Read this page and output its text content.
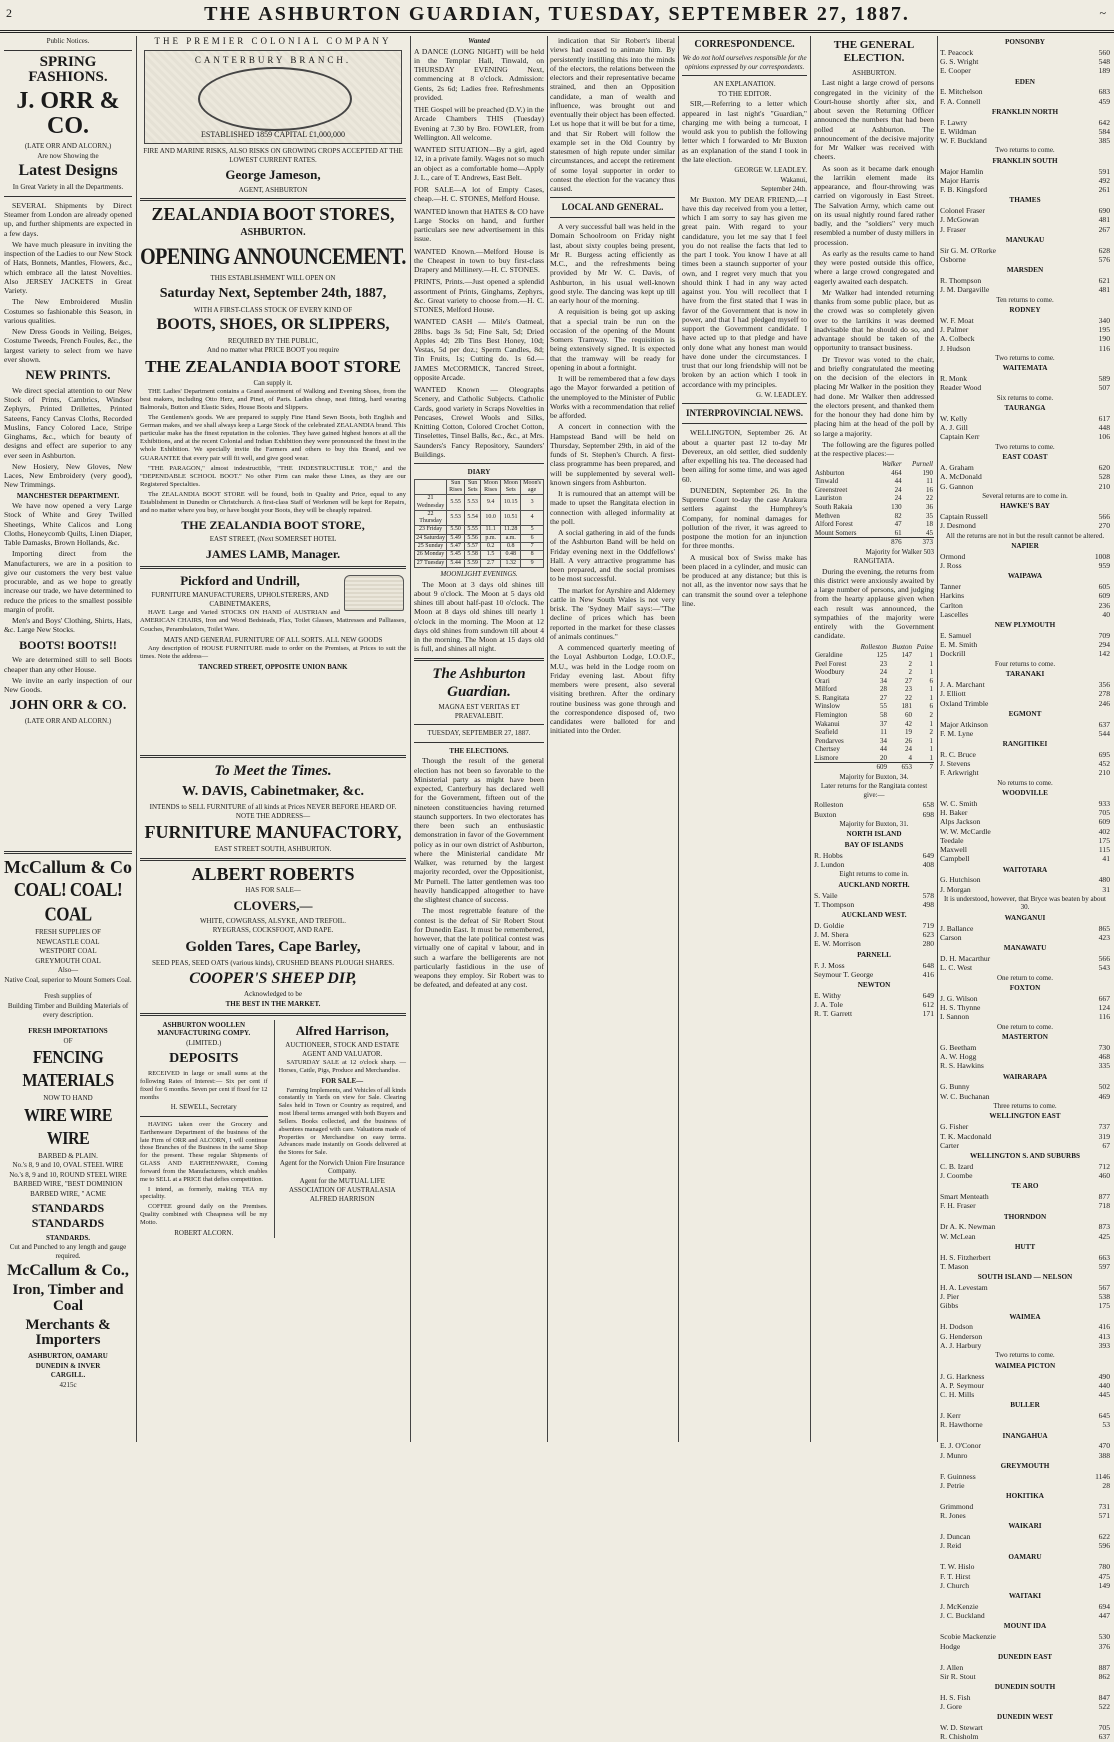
2	THE ASHBURTON GUARDIAN, TUESDAY, SEPTEMBER 27, 1887.	~
Public Notices.
SPRING FASHIONS.
J. ORR & CO.
(LATE ORR AND ALCORN,)
Are now Showing the
Latest Designs
In Great Variety in all the Departments.

SEVERAL Shipments by Direct Steamer from London are already opened up, and further shipments are expected in a few days.

We have much pleasure in inviting the inspection of the Ladies to our New Stock of Hats, Bonnets, Mantles, Flowers, &c., which embrace all the latest Novelties. Also JERSEY JACKETS in Great Variety.

The New Embroidered Muslin Costumes so fashionable this Season, in various qualities.

New Dress Goods in Veiling, Beiges, Costume Tweeds, French Foules, &c., the largest variety to select from we have ever shown.

NEW PRINTS.

We direct special attention to our New Stock of Prints, Cambrics, Windsor Zephyrs, Printed Drillettes, Printed Sateens, Fancy Canvas Cloths, Recorded Muslins, Fancy Colored Lace, Stripe Ginghams, &c., which for beauty of designs and effect are superior to any ever seen in Ashburton.

New Hosiery, New Gloves, New Laces, New Embroidery (very good), New Trimmings.

MANCHESTER DEPARTMENT.

We have now opened a very Large Stock of White and Grey Twilled Sheetings, White Calicos and Long Cloths, Honeycomb Quilts, Linen Diaper, Table Damasks, Brown Hollands, &c.

Importing direct from the Manufacturers, we are in a position to give our customers the very best value procurable, and as we hope to greatly increase our trade, we have determined to reduce the prices to the smallest possible margin of profit.

Men's and Boys' Clothing, Shirts, Hats, &c. Large New Stocks.

BOOTS! BOOTS!!

We are determined still to sell Boots cheaper than any other House.

We invite an early inspection of our New Goods.

JOHN ORR & CO.
(LATE ORR AND ALCORN.)
McCallum & Co
COAL! COAL! COAL
FRESH SUPPLIES OF
NEWCASTLE COAL
WESTPORT COAL
GREYMOUTH COAL
Also—
Native Coal, superior to Mount Somers Coal.
Fresh supplies of
Building Timber and Building Materials of every description.
FRESH IMPORTATIONS
OF
FENCING MATERIALS
NOW TO HAND
WIRE WIRE WIRE
BARBED & PLAIN.
No.'s 8, 9 and 10, OVAL STEEL WIRE
No.'s 8, 9 and 10, ROUND STEEL WIRE
BARBED WIRE, "BEST DOMINION
BARBED WIRE, " ACME
STANDARDS STANDARDS
STANDARDS.
Cut and Punched to any length and gauge required.
McCallum & Co.,
Iron, Timber and Coal
Merchants & Importers
ASHBURTON, OAMARU
DUNEDIN & INVER
CARGILL.
4215c
THE PREMIER COLONIAL COMPANY
CANTERBURY BRANCH.
ESTABLISHED 1859 CAPITAL £1,000,000
FIRE AND MARINE RISKS, ALSO RISKS ON GROWING CROPS ACCEPTED AT THE LOWEST CURRENT RATES.
George Jameson,
AGENT, ASHBURTON
ZEALANDIA BOOT STORES,
ASHBURTON.
OPENING ANNOUNCEMENT.
THIS ESTABLISHMENT WILL OPEN ON
Saturday Next, September 24th, 1887,
WITH A FIRST-CLASS STOCK OF EVERY KIND OF
BOOTS, SHOES, OR SLIPPERS,
REQUIRED BY THE PUBLIC,
And no matter what PRICE BOOT you require
THE ZEALANDIA BOOT STORE
Can supply it.

THE Ladies' Department contains a Grand assortment of Walking and Evening Shoes, from the best makers, including Otto Herz, and Pinet, of Paris. Ladies cheap, neat fitting, hard wearing Balmorals, Button and Elastic Sides, House Boots and Slippers.

The Gentlemen's goods. We are prepared to supply Fine Hand Sewn Boots, both English and German makes, and we shall always keep a Large Stock of the celebrated ZEALANDIA brand. This particular make has the finest reputation in the colonies. They have gained highest honors at all the Exhibitions, and at the recent Colonial and Indian Exhibition they were pronounced the finest in the whole Exhibition. We specially invite the Farmers and others to buy this Brand, and we GUARANTEE that every pair will fit well, and give good wear.

"THE PARAGON," almost indestructible, "THE INDESTRUCTIBLE TOE," and the "DEPENDABLE SCHOOL BOOT." No other Firm can make these Lines, as they are our Registered Specialties.

The ZEALANDIA BOOT STORE will be found, both in Quality and Price, equal to any Establishment in Dunedin or Christchurch. A first-class Staff of Workmen will be kept for Repairs, and no matter where you buy, or have bought your Boots, they will be cheaply repaired.

THE ZEALANDIA BOOT STORE,
EAST STREET, (Next SOMERSET HOTEL
JAMES LAMB, Manager.
Pickford and Undrill,
FURNITURE MANUFACTURERS, UPHOLSTERERS, AND CABINETMAKERS,

HAVE Large and Varied STOCKS ON HAND of AUSTRIAN and AMERICAN CHAIRS, Iron and Wood Bedsteads, Flax, Toilet Glasses, Mattresses and Palliasses, Couches, Perambulators, Toilet Ware.

MATS AND GENERAL FURNITURE OF ALL SORTS. ALL NEW GOODS

Any description of HOUSE FURNITURE made to order on the Premises, at Prices to suit the times. Note the address—

TANCRED STREET, OPPOSITE UNION BANK
To Meet the Times.
W. DAVIS, Cabinetmaker, &c.
INTENDS to SELL FURNITURE of all kinds at Prices NEVER BEFORE HEARD OF. NOTE THE ADDRESS—
FURNITURE MANUFACTORY,
EAST STREET SOUTH, ASHBURTON.
ALBERT ROBERTS
HAS FOR SALE—
CLOVERS,—
WHITE, COWGRASS, ALSYKE, AND TREFOIL.
RYEGRASS, COCKSFOOT, AND RAPE.
Golden Tares, Cape Barley,
SEED PEAS, SEED OATS (various kinds), CRUSHED BEANS PLOUGH SHARES.
COOPER'S SHEEP DIP,
Acknowledged to be
THE BEST IN THE MARKET.
ASHBURTON WOOLLEN MANUFACTURING COMPY.
(LIMITED.)
DEPOSITS

RECEIVED in large or small sums at the following Rates of Interest:— Six per cent if fixed for 6 months. Seven per cent if fixed for 12 months

H. SEWELL, Secretary

HAVING taken over the Grocery and Earthenware Department of the business of the late Firm of ORR and ALCORN, I will continue those Branches of the Business in the same Shop for the present. These regular Shipments of GLASS AND EARTHENWARE, Coming forward from the Manufacturers, which enables me to SELL at a PRICE that defies competition.

I intend, as formerly, making TEA my speciality.

COFFEE ground daily on the Premises. Quality combined with Cheapness will be my Motto.

ROBERT ALCORN.
Alfred Harrison,
AUCTIONEER, STOCK AND ESTATE AGENT AND VALUATOR.

SATURDAY SALE at 12 o'clock sharp. —Horses, Cattle, Pigs, Produce and Merchandise.

FOR SALE—

Farming Implements, and Vehicles of all kinds constantly in Yards on view for Sale. Clearing Sales held in Town or Country as required, and most liberal terms arranged with both Buyers and Sellers. Books collected, and the business of absentees managed with care. Valuations made of Properties or Merchandise on easy terms. Advances made instantly on Goods delivered at the Stores for Sale.

Agent for the Norwich Union Fire Insurance Company.
Agent for the MUTUAL LIFE ASSOCIATION OF AUSTRALASIA
ALFRED HARRISON
Wanted

A DANCE (LONG NIGHT) will be held in the Templar Hall, Tinwald, on THURSDAY EVENING Next, commencing at 8 o'clock. Admission: Gents, 2s 6d; Ladies free. Refreshments provided.

THE Gospel will be preached (D.V.) in the Arcade Chambers THIS (Tuesday) Evening at 7.30 by Bro. FOWLER, from Wellington. All welcome.

WANTED SITUATION—By a girl, aged 12, in a private family. Wages not so much an object as a comfortable home—Apply J. L., care of T. Andrews, East Belt.

FOR SALE—A lot of Empty Cases, cheap.—H. C. STONES, Melford House.

WANTED known that HATES & CO have Large Stocks on hand, and further particulars see new advertisement in this issue.

WANTED Known.—Melford House is the Cheapest in town to buy first-class Drapery and Millinery.—H. C. STONES.

PRINTS, Prints.—Just opened a splendid assortment of Prints, Ginghams, Zephyrs, &c. Great variety to choose from.—H. C. STONES, Melford House.

WANTED CASH — Mile's Oatmeal, 28lbs. bags 3s 5d; Fine Salt, 5d; Dried Apples 4d; 2lb Tins Best Honey, 10d; Vestas, 5d per doz.; Sperm Candles, 8d; Tin Fruits, 1s; Cutting do. 1s 6d.—JAMES McCORMICK, Tancred Street, opposite Arcade.

WANTED Known — Oleographs Scenery, and Catholic Subjects. Catholic Cards, good variety in Scraps Novelties in Pencases, Crewel Wools and Silks, Knitting Cotton, Colored Crochet Cotton, Tinselettes, Tinsel Balls, &c., &c., at Mrs. Saunders's Fancy Repository, Saunders' Buildings.

DIARY
	Sun Rises	Sun Sets	Moon Rises	Moon Sets	Moon's age
21 Wednesday	5.55	5.53	9.4	10.15	3
22 Thursday	5.53	5.54	10.0	10.51	4
23 Friday	5.50	5.55	11.1	11.28	5
24 Saturday	5.49	5.56	p.m.	a.m.	6
25 Sunday	5.47	5.57	0.2	0.8	7
26 Monday	5.45	5.58	1.5	0.48	8
27 Tuesday	5.44	5.59	2.7	1.32	9
MOONLIGHT EVENINGS.

The Moon at 3 days old shines till about 9 o'clock. The Moon at 5 days old shines till about half-past 10 o'clock. The Moon at 8 days old shines till nearly 1 o'clock in the morning. The Moon at 12 days old shines from sundown till about 4 in the morning. The Moon at 15 days old is full, and shines all night.

The Ashburton Guardian.
MAGNA EST VERITAS ET PRAEVALEBIT.
TUESDAY, SEPTEMBER 27, 1887.
THE ELECTIONS.

Though the result of the general election has not been so favorable to the Ministerial party as might have been expected, Canterbury has declared well for the Government, fifteen out of the nineteen constituencies having returned staunch supporters. In two electorates has there been such an enthusiastic demonstration in favor of the Government policy as in our own district of Ashburton, where the Ministerial candidate Mr Walker, was returned by the largest majority recorded, over the Oppositionist, Mr Purnell. The latter gentlemen was too heavily handicapped altogether to have the slightest chance of success.

The most regrettable feature of the contest is the defeat of Sir Robert Stout for Dunedin East. It must be remembered, however, that the late political contest was virtually one of capital v labour, and in such a warfare the belligerents are not particularly fastidious in the use of weapons they employ. Sir Robert was to be defeated, and defeated at any cost.

indication that Sir Robert's liberal views had ceased to animate him. By persistently instilling this into the minds of the electors, the relations between the electors and their representative became strained, and then an Opposition candidate, a man of wealth and influence, was brought out and eventually their object has been effected. Let us hope that it will be but for a time, and that Sir Robert will follow the example set in the Old Country by statesmen of high repute under similar circumstances, and accept the retirement of some loyal supporter in order to contest the election for the vacancy thus caused.

LOCAL AND GENERAL.

A very successful ball was held in the Domain Schoolroom on Friday night last, about sixty couples being present, Mr R. Burgess acting efficiently as M.C., and the refreshments being provided by Mr W. C. Davis, of Ashburton, in his usual well-known good style. The dancing was kept up till an early hour of the morning.

A requisition is being got up asking that a special train be run on the occasion of the opening of the Mount Somers Tramway. The requisition is being extensively signed. It is expected that the tramway will be ready for opening in about a fortnight.

It will be remembered that a few days ago the Mayor forwarded a petition of the unemployed to the Minister of Public Works with a recommendation that relief be afforded.

A concert in connection with the Hampstead Band will be held on Thursday, September 29th, in aid of the funds of St. Stephen's Church. A first-class programme has been prepared, and will be supplemented by several well-known singers from Ashburton.

It is rumoured that an attempt will be made to upset the Rangitata election in connection with alleged informality at the poll.

A social gathering in aid of the funds of the Ashburton Band will be held on Friday evening next in the Oddfellows' Hall. A very attractive programme has been prepared, and the social promises to be most successful.

The market for Ayrshire and Alderney cattle in New South Wales is not very brisk. The 'Sydney Mail' says:—"The decline of prices which has been reported in the market for these classes of animals continues."

A commenced quarterly meeting of the Loyal Ashburton Lodge, I.O.O.F., M.U., was held in the Lodge room on Friday evening last. About fifty members were present, also several visiting brethren. After the ordinary routine business was gone through and the correspondence disposed of, two candidates were balloted for and initiated into the Order.

CORRESPONDENCE.
We do not hold ourselves responsible for the opinions expressed by our correspondents.
AN EXPLANATION.
TO THE EDITOR.

SIR,—Referring to a letter which appeared in last night's "Guardian," charging me with being a turncoat, I would ask you to publish the following letter which I forwarded to Mr Buxton as an explanation of the stand I took in the late election.

GEORGE W. LEADLEY.
Wakanui,
September 24th.

Mr Buxton. MY DEAR FRIEND,—I have this day received from you a letter, which I am sorry to say has given me great pain. With regard to your candidature, you let me say that I feel you do not realise the facts that led to the part I took. You know I have at all times been a staunch supporter of your own, and I regret very much that you should think I had in any way acted against you. You will recollect that I have from the first stated that I was in favor of the Government that is now in power, and that I had pledged myself to support the Government candidate. I have acted up to that pledge and have only done what any honest man would have done under the circumstances. I trust that our long friendship will not be broken by an action which I took in accordance with my principles.

G. W. LEADLEY.
INTERPROVINCIAL NEWS.

WELLINGTON, September 26. At about a quarter past 12 to-day Mr Devereux, an old settler, died suddenly after expelling his tea. The deceased had been ailing for some time, and was aged 60.

DUNEDIN, September 26. In the Supreme Court to-day the case Arakura settlers against the Humphrey's Company, for nominal damages for pollution of the river, it was agreed to postpone the motion for an injunction for three months.

A musical box of Swiss make has been placed in a cylinder, and music can be produced at any distance; but this is not all, as the inventor now says that he can transmit the sound over a telephone line.

THE GENERAL ELECTION.
ASHBURTON.

Last night a large crowd of persons congregated in the vicinity of the Court-house shortly after six, and about seven the Returning Officer announced the numbers that had been polled at Ashburton. The announcement of the decisive majority for Mr Walker was received with cheers.

As soon as it became dark enough the larrikin element made its appearance, and flour-throwing was carried on vigorously in East Street. The Salvation Army, which came out on its usual nightly round fared rather badly, and the "soldiers" very much resembled a number of dusty millers in procession.

As early as the results came to hand they were posted outside this office, where a large crowd congregated and eagerly awaited each despatch.

Mr Walker had intended returning thanks from some public place, but as the crowd was so completely given over to the larrikins it was deemed inadvisable that he should do so, and advantage should be taken of the opportunity to transact business.

Dr Trevor was voted to the chair, and briefly congratulated the meeting on the decision of the electors in placing Mr Walker in the position they had done. Mr Walker then addressed the electors present, and thanked them for the honour they had done him by placing him at the head of the poll by so large a majority.

The following are the figures polled at the respective places:—

	Walker	Purnell
Ashburton	464	190
Tinwald	44	11
Greenstreet	24	16
Lauriston	24	22
South Rakaia	130	36
Methven	82	35
Alford Forest	47	18
Mount Somers	61	45
	876	373
Majority for Walker 503
RANGITATA.

During the evening, the returns from this district were anxiously awaited by a large number of persons, and judging from the hearty applause given when each result was announced, the sympathies of the majority were entirely with the Government candidate.

	Rolleston	Buxton	Paine
Geraldine	125	147	1
Peel Forest	23	2	1
Woodbury	24	2	1
Orari	34	27	6
Milford	28	23	1
S. Rangitata	27	22	1
Winslow	55	181	6
Flemington	58	60	2
Wakanui	37	42	1
Seafield	11	19	2
Pendarves	34	26	1
Chertsey	44	24	1
Lismore	20	4	1
	609	653	7
Majority for Buxton, 34.
Later returns for the Rangitata contest give:—
Rolleston	658
Buxton	698
Majority for Buxton, 31.
NORTH ISLAND
BAY OF ISLANDS
R. Hobbs	649
J. Lundon	408
Eight returns to come in.
AUCKLAND NORTH.
S. Vaile	578
T. Thompson	498
AUCKLAND WEST.
D. Goldie	719
J. M. Shera	623
E. W. Morrison	280
PARNELL
F. J. Moss	648
Seymour T. George	416
NEWTON
E. Withy	649
J. A. Tole	612
R. T. Garrett	171
PONSONBY
T. Peacock	560
G. S. Wright	548
E. Cooper	189
EDEN
E. Mitchelson	683
F. A. Connell	459
FRANKLIN NORTH
F. Lawry	642
E. Wildman	584
W. F. Buckland	385
Two returns to come.
FRANKLIN SOUTH
Major Hamlin	591
Major Harris	492
F. B. Kingsford	261
THAMES
Colonel Fraser	690
J. McGowan	481
J. Fraser	267
MANUKAU
Sir G. M. O'Rorke	628
Osborne	576
MARSDEN
R. Thompson	621
J. M. Dargaville	481
Ten returns to come.
RODNEY
W. F. Moat	340
J. Palmer	195
A. Colbeck	190
J. Hudson	116
Two returns to come.
WAITEMATA
R. Monk	589
Reader Wood	507
Six returns to come.
TAURANGA
W. Kelly	617
A. J. Gill	448
Captain Kerr	106
Two returns to come.
EAST COAST
A. Graham	620
A. McDonald	528
G. Gannon	210
Several returns are to come in.
HAWKE'S BAY
Captain Russell	566
J. Desmond	270
All the returns are not in but the result cannot be altered.
NAPIER
Ormond	1008
J. Ross	959
WAIPAWA
Tanner	605
Harkins	609
Carlton	236
Lascelles	40
NEW PLYMOUTH
E. Samuel	709
E. M. Smith	294
Dockrill	142
Four returns to come.
TARANAKI
J. A. Marchant	356
J. Elliott	278
Oxland Trimble	246
EGMONT
Major Atkinson	637
F. M. Lyne	544
RANGITIKEI
R. C. Bruce	695
J. Stevens	452
F. Arkwright	210
No returns to come.
WOODVILLE
W. C. Smith	933
H. Baker	705
Alps Jackson	609
W. W. McCardle	402
Teedale	175
Maxwell	115
Campbell	41
WAITOTARA
G. Hutchison	480
J. Morgan	31
It is understood, however, that Bryce was beaten by about 30.
WANGANUI
J. Ballance	865
Carson	423
MANAWATU
D. H. Macarthur	566
L. C. West	543
One return to come.
FOXTON
J. G. Wilson	667
H. S. Thynne	124
I. Sannon	116
One return to come.
MASTERTON
G. Beetham	730
A. W. Hogg	468
R. S. Hawkins	335
WAIRARAPA
G. Bunny	502
W. C. Buchanan	469
Three returns to come.
WELLINGTON EAST
G. Fisher	737
T. K. Macdonald	319
Carter	67
WELLINGTON S. AND SUBURBS
C. B. Izard	712
J. Coombe	460
TE ARO
Smart Menteath	877
F. H. Fraser	718
THORNDON
Dr A. K. Newman	873
W. McLean	425
HUTT
H. S. Fitzherbert	663
T. Mason	597
SOUTH ISLAND — NELSON
H. A. Levestam	567
J. Pier	538
Gibbs	175
WAIMEA
H. Dodson	416
G. Henderson	413
A. J. Harbury	393
Two returns to come.
WAIMEA PICTON
J. G. Harkness	490
A. P. Seymour	440
C. H. Mills	445
BULLER
J. Kerr	645
R. Hawthorne	53
INANGAHUA
E. J. O'Conor	470
J. Munro	388
GREYMOUTH
F. Guinness	1146
J. Petrie	28
HOKITIKA
Grimmond	731
R. Jones	571
WAIKARI
J. Duncan	622
J. Reid	596
OAMARU
T. W. Hislo	780
F. T. Hirst	475
J. Church	149
WAITAKI
J. McKenzie	694
J. C. Buckland	447
MOUNT IDA
Scobie Mackenzie	530
Hodge	376
DUNEDIN EAST
J. Allen	887
Sir R. Stout	862
DUNEDIN SOUTH
H. S. Fish	847
J. Gore	522
DUNEDIN WEST
W. D. Stewart	705
R. Chisholm	637
